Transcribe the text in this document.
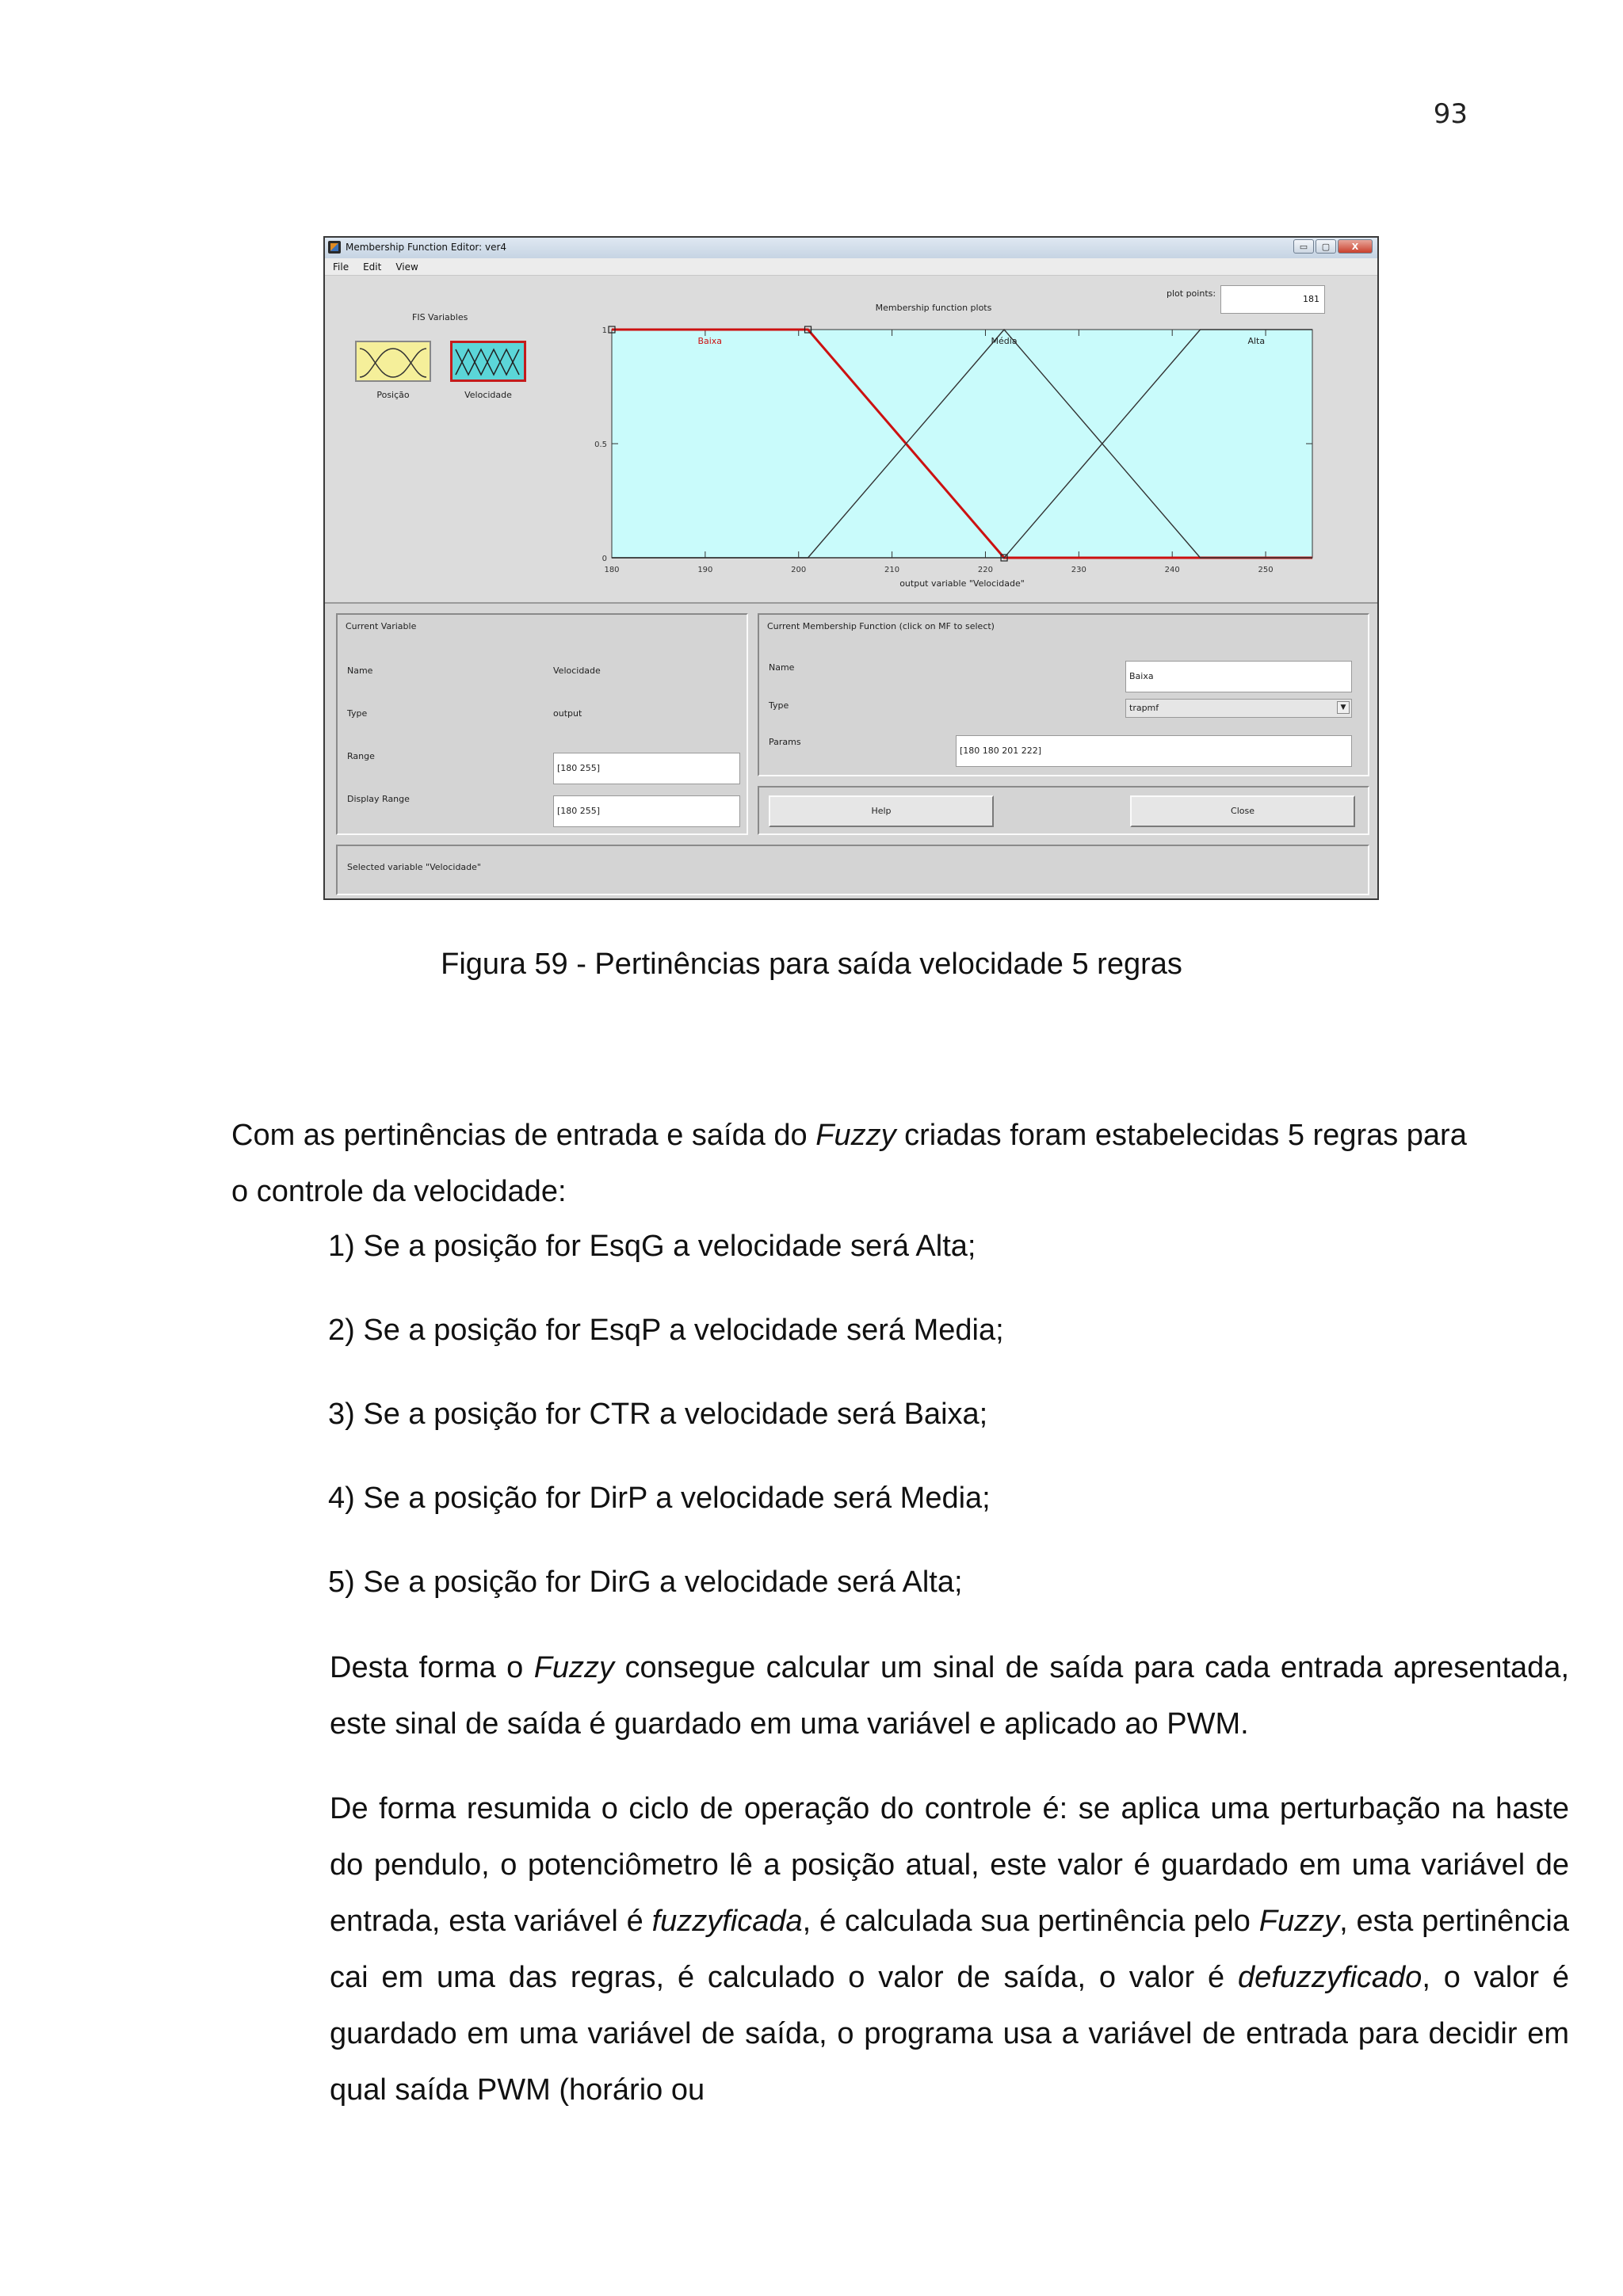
93
Membership Function Editor: ver4	▭	▢	X
File Edit View
FIS Variables
Posição	Velocidade
plot points:
181
Membership function plots
180	190	200	210	220	230	240	250
0
0.5
1
output variable "Velocidade"
Baixa	Média	Alta
Current Variable
Name	Velocidade
Type	output
Range
[180 255]
Display Range
[180 255]
Current Membership Function (click on MF to select)
Name
Baixa
Type	trapmf	▼
Params
[180 180 201 222]
Help	Close
Selected variable "Velocidade"
Figura 59 - Pertinências para saída velocidade 5 regras

Com as pertinências de entrada e saída do Fuzzy criadas foram estabelecidas 5 regras para o controle da velocidade:

1) Se a posição for EsqG a velocidade será Alta;
2) Se a posição for EsqP a velocidade será Media;
3) Se a posição for CTR a velocidade será Baixa;
4) Se a posição for DirP a velocidade será Media;
5) Se a posição for DirG a velocidade será Alta;

Desta forma o Fuzzy consegue calcular um sinal de saída para cada entrada apresentada, este sinal de saída é guardado em uma variável e aplicado ao PWM.

De forma resumida o ciclo de operação do controle é: se aplica uma perturbação na haste do pendulo, o potenciômetro lê a posição atual, este valor é guardado em uma variável de entrada, esta variável é fuzzyficada, é calculada sua pertinência pelo Fuzzy, esta pertinência cai em uma das regras, é calculado o valor de saída, o valor é defuzzyficado, o valor é guardado em uma variável de saída, o programa usa a variável de entrada para decidir em qual saída PWM (horário ou
